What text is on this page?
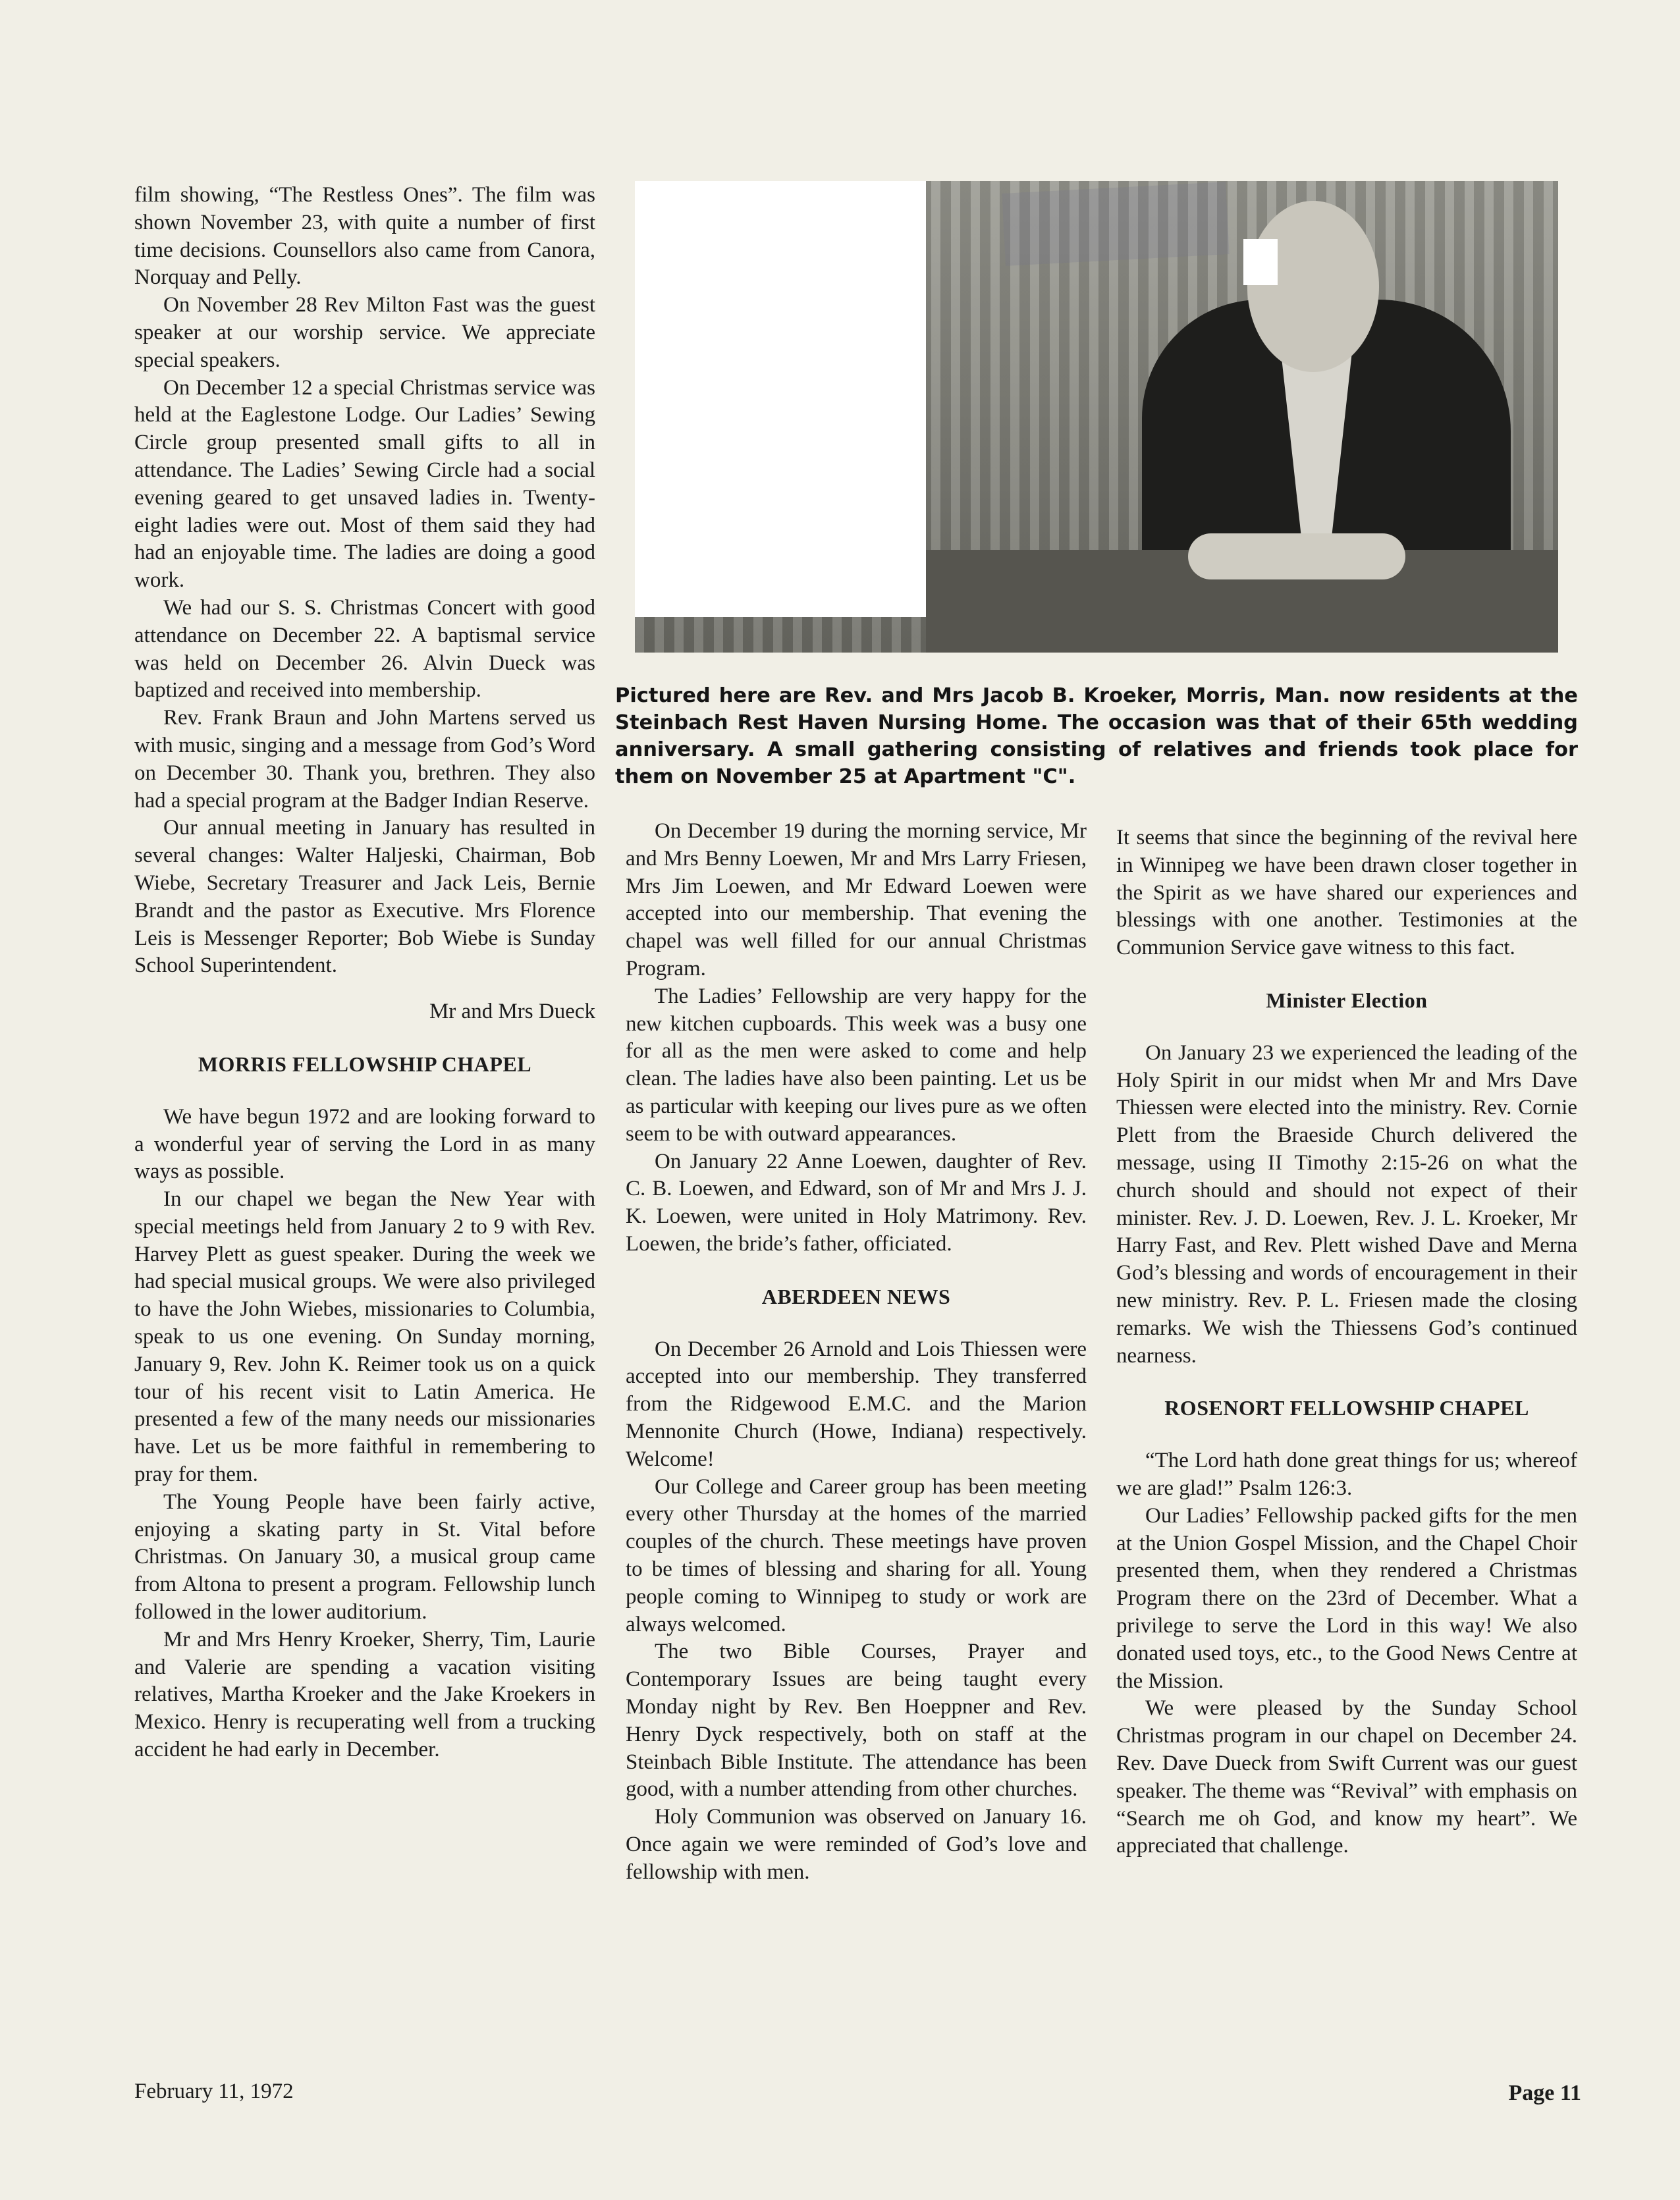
Pictured here are Rev. and Mrs Jacob B. Kroeker, Morris, Man. now residents at the Steinbach Rest Haven Nursing Home. The occasion was that of their 65th wedding anniversary. A small gathering consisting of relatives and friends took place for them on November 25 at Apartment "C".

film showing, “The Restless Ones”. The film was shown November 23, with quite a number of first time decisions. Counsellors also came from Canora, Norquay and Pelly.

On November 28 Rev Milton Fast was the guest speaker at our worship service. We appreciate special speakers.

On December 12 a special Christmas service was held at the Eaglestone Lodge. Our Ladies’ Sewing Circle group presented small gifts to all in attendance. The Ladies’ Sewing Circle had a social evening geared to get unsaved ladies in. Twenty-eight ladies were out. Most of them said they had had an enjoyable time. The ladies are doing a good work.

We had our S. S. Christmas Concert with good attendance on December 22. A baptismal service was held on December 26. Alvin Dueck was baptized and received into membership.

Rev. Frank Braun and John Martens served us with music, singing and a message from God’s Word on December 30. Thank you, brethren. They also had a special program at the Badger Indian Reserve.

Our annual meeting in January has resulted in several changes: Walter Haljeski, Chairman, Bob Wiebe, Secretary Treasurer and Jack Leis, Bernie Brandt and the pastor as Executive. Mrs Florence Leis is Messenger Reporter; Bob Wiebe is Sunday School Superintendent.

Mr and Mrs Dueck

MORRIS FELLOWSHIP CHAPEL

We have begun 1972 and are looking forward to a wonderful year of serving the Lord in as many ways as possible.

In our chapel we began the New Year with special meetings held from January 2 to 9 with Rev. Harvey Plett as guest speaker. During the week we had special musical groups. We were also privileged to have the John Wiebes, missionaries to Columbia, speak to us one evening. On Sunday morning, January 9, Rev. John K. Reimer took us on a quick tour of his recent visit to Latin America. He presented a few of the many needs our missionaries have. Let us be more faithful in remembering to pray for them.

The Young People have been fairly active, enjoying a skating party in St. Vital before Christmas. On January 30, a musical group came from Altona to present a program. Fellowship lunch followed in the lower auditorium.

Mr and Mrs Henry Kroeker, Sherry, Tim, Laurie and Valerie are spending a vacation visiting relatives, Martha Kroeker and the Jake Kroekers in Mexico. Henry is recuperating well from a trucking accident he had early in December.

On December 19 during the morning service, Mr and Mrs Benny Loewen, Mr and Mrs Larry Friesen, Mrs Jim Loewen, and Mr Edward Loewen were accepted into our membership. That evening the chapel was well filled for our annual Christmas Program.

The Ladies’ Fellowship are very happy for the new kitchen cupboards. This week was a busy one for all as the men were asked to come and help clean. The ladies have also been painting. Let us be as particular with keeping our lives pure as we often seem to be with outward appearances.

On January 22 Anne Loewen, daughter of Rev. C. B. Loewen, and Edward, son of Mr and Mrs J. J. K. Loewen, were united in Holy Matrimony. Rev. Loewen, the bride’s father, officiated.

ABERDEEN NEWS

On December 26 Arnold and Lois Thiessen were accepted into our membership. They transferred from the Ridgewood E.M.C. and the Marion Mennonite Church (Howe, Indiana) respectively. Welcome!

Our College and Career group has been meeting every other Thursday at the homes of the married couples of the church. These meetings have proven to be times of blessing and sharing for all. Young people coming to Winnipeg to study or work are always welcomed.

The two Bible Courses, Prayer and Contemporary Issues are being taught every Monday night by Rev. Ben Hoeppner and Rev. Henry Dyck respectively, both on staff at the Steinbach Bible Institute. The attendance has been good, with a number attending from other churches.

Holy Communion was observed on January 16. Once again we were reminded of God’s love and fellowship with men.

It seems that since the beginning of the revival here in Winnipeg we have been drawn closer together in the Spirit as we have shared our experiences and blessings with one another. Testimonies at the Communion Service gave witness to this fact.

Minister Election

On January 23 we experienced the leading of the Holy Spirit in our midst when Mr and Mrs Dave Thiessen were elected into the ministry. Rev. Cornie Plett from the Braeside Church delivered the message, using II Timothy 2:15-26 on what the church should and should not expect of their minister. Rev. J. D. Loewen, Rev. J. L. Kroeker, Mr Harry Fast, and Rev. Plett wished Dave and Merna God’s blessing and words of encouragement in their new ministry. Rev. P. L. Friesen made the closing remarks. We wish the Thiessens God’s continued nearness.

ROSENORT FELLOWSHIP CHAPEL

“The Lord hath done great things for us; whereof we are glad!” Psalm 126:3.

Our Ladies’ Fellowship packed gifts for the men at the Union Gospel Mission, and the Chapel Choir presented them, when they rendered a Christmas Program there on the 23rd of December. What a privilege to serve the Lord in this way! We also donated used toys, etc., to the Good News Centre at the Mission.

We were pleased by the Sunday School Christmas program in our chapel on December 24. Rev. Dave Dueck from Swift Current was our guest speaker. The theme was “Revival” with emphasis on “Search me oh God, and know my heart”. We appreciated that challenge.

February 11, 1972	Page 11
